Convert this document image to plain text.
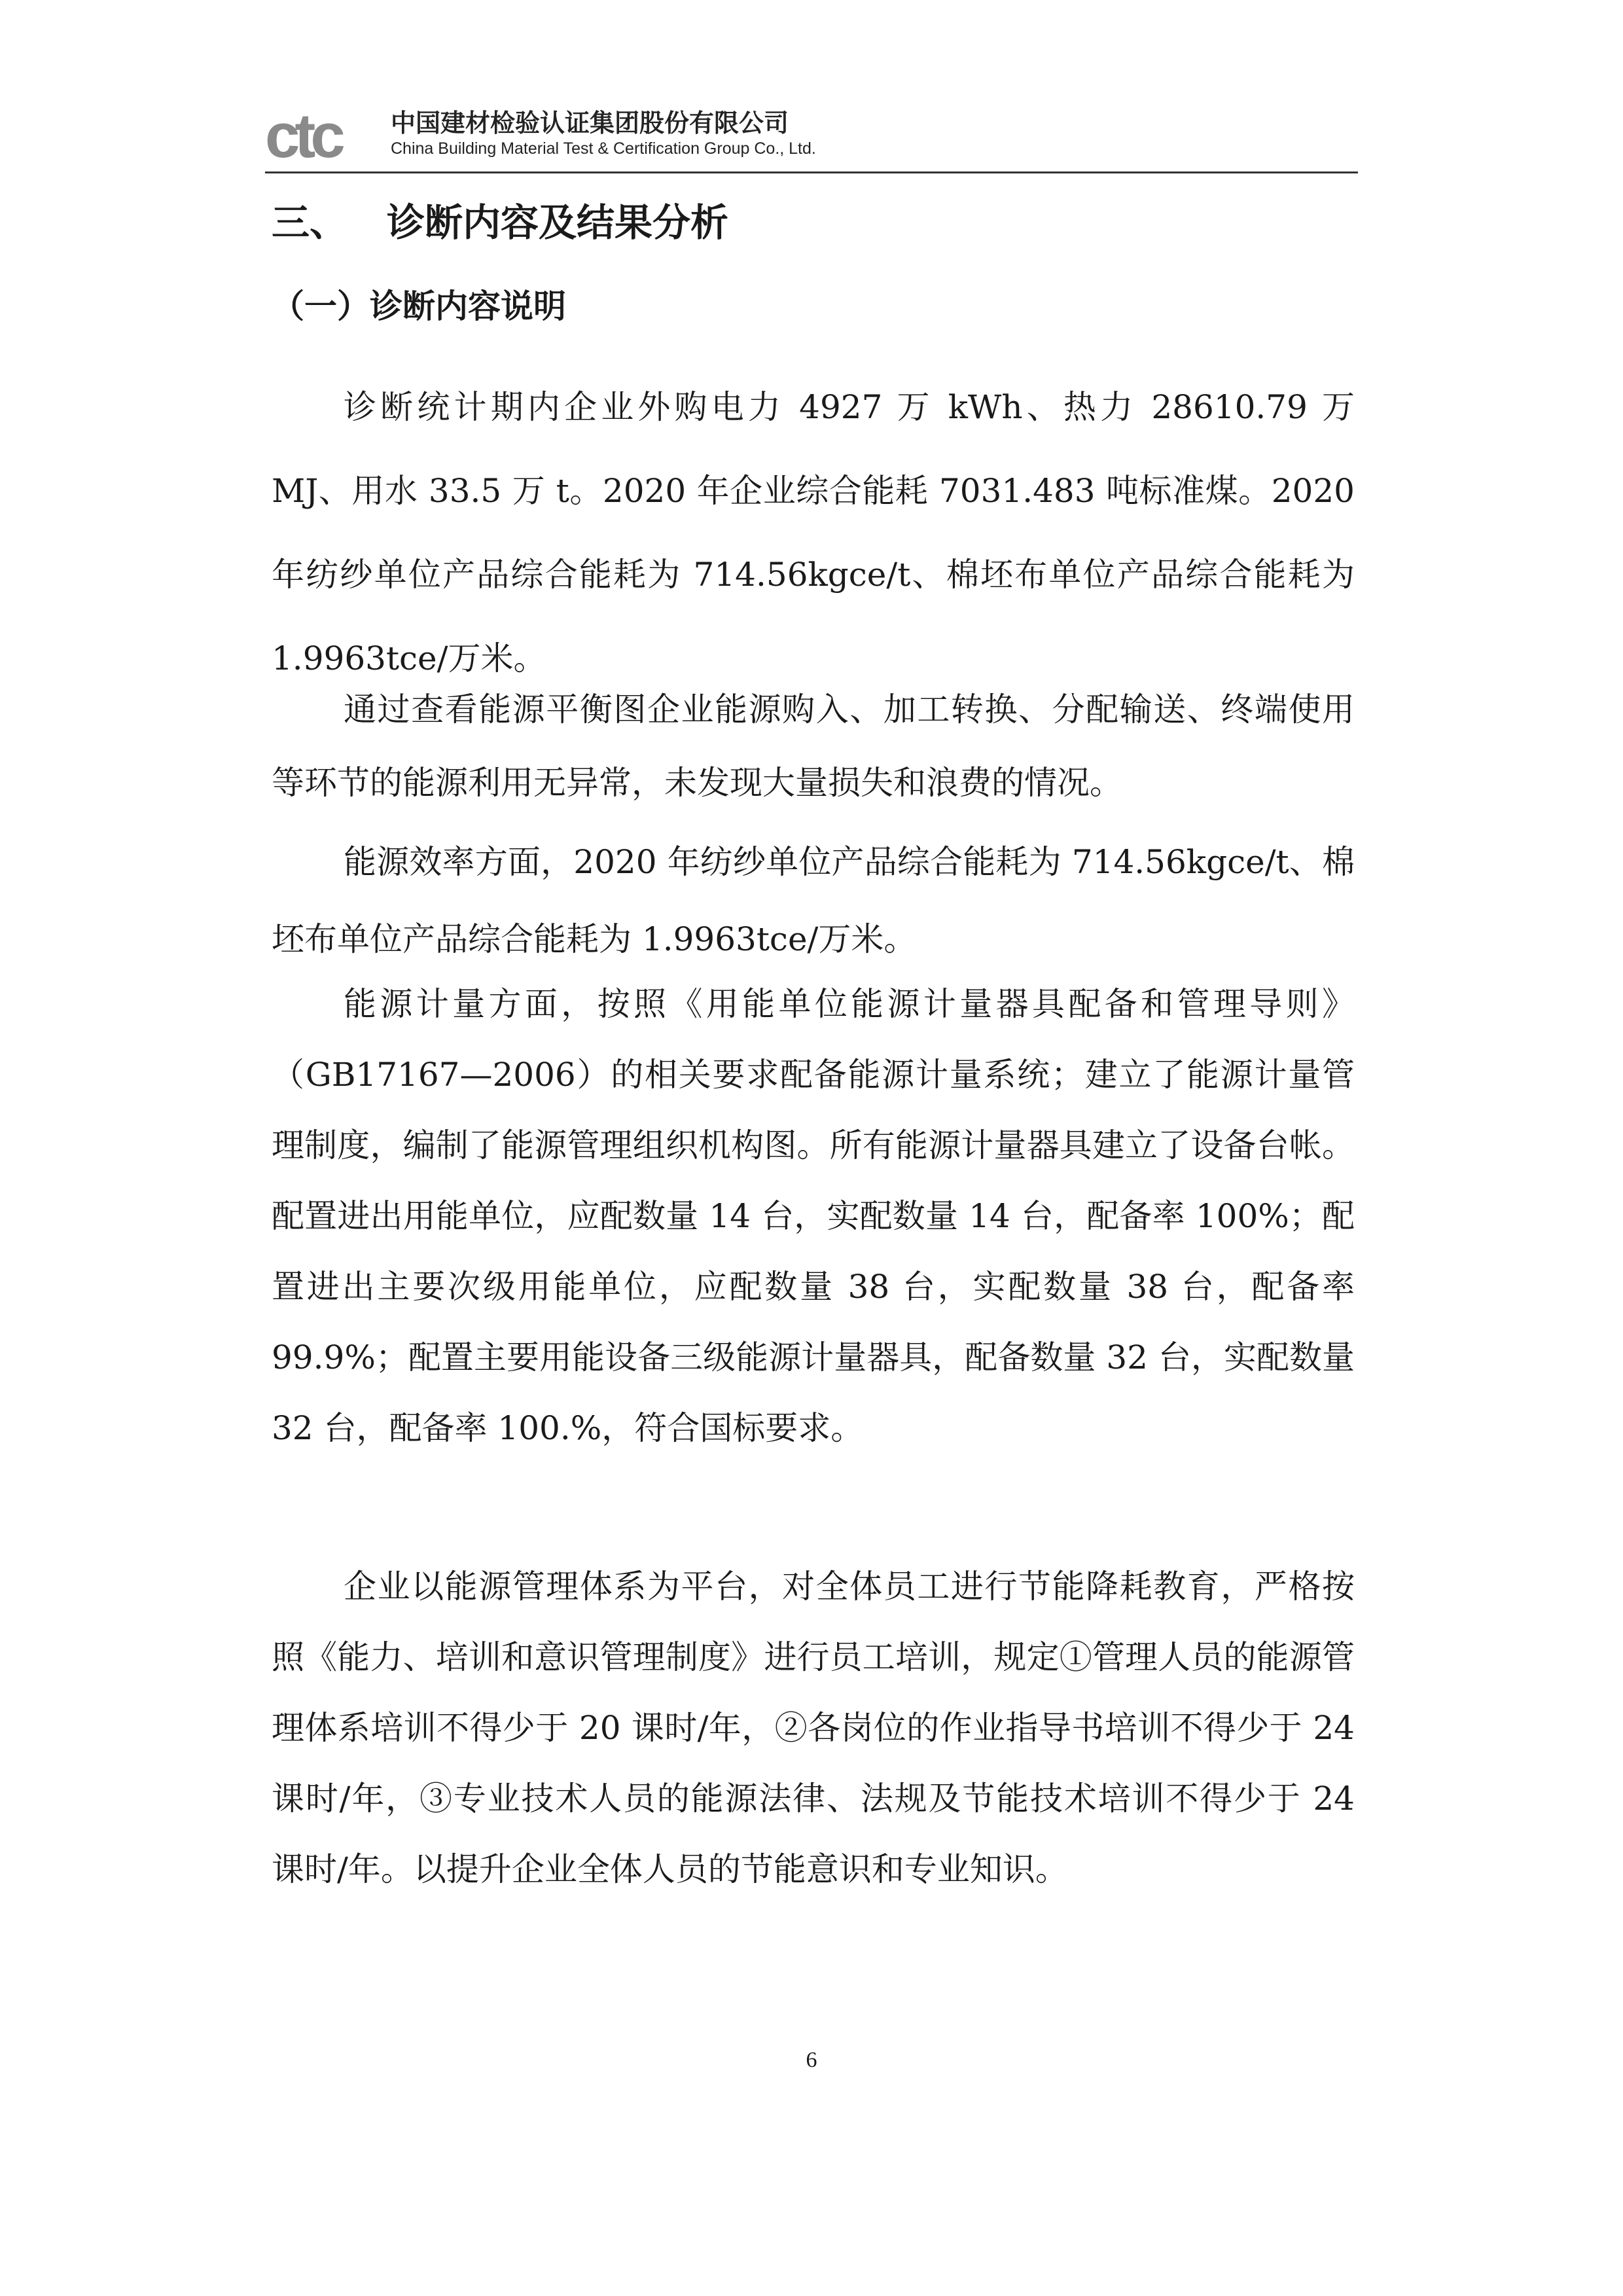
ctc	中国建材检验认证集团股份有限公司
China Building Material Test & Certification Group Co., Ltd.
三、 诊断内容及结果分析
（一）诊断内容说明

诊断统计期内企业外购电力 4927 万 kWh、热力 28610.79 万 MJ、用水 33.5 万 t。2020 年企业综合能耗 7031.483 吨标准煤。2020 年纺纱单位产品综合能耗为 714.56kgce/t、棉坯布单位产品综合能耗为 1.9963tce/万米。

通过查看能源平衡图企业能源购入、加工转换、分配输送、终端使用等环节的能源利用无异常，未发现大量损失和浪费的情况。

能源效率方面，2020 年纺纱单位产品综合能耗为 714.56kgce/t、棉坯布单位产品综合能耗为 1.9963tce/万米。

能源计量方面，按照《用能单位能源计量器具配备和管理导则》（GB17167—2006）的相关要求配备能源计量系统；建立了能源计量管理制度，编制了能源管理组织机构图。所有能源计量器具建立了设备台帐。配置进出用能单位，应配数量 14 台，实配数量 14 台，配备率 100%；配置进出主要次级用能单位，应配数量 38 台，实配数量 38 台，配备率 99.9%；配置主要用能设备三级能源计量器具，配备数量 32 台，实配数量 32 台，配备率 100.%，符合国标要求。

企业以能源管理体系为平台，对全体员工进行节能降耗教育，严格按照《能力、培训和意识管理制度》进行员工培训，规定①管理人员的能源管理体系培训不得少于 20 课时/年，②各岗位的作业指导书培训不得少于 24 课时/年，③专业技术人员的能源法律、法规及节能技术培训不得少于 24 课时/年。以提升企业全体人员的节能意识和专业知识。

6
